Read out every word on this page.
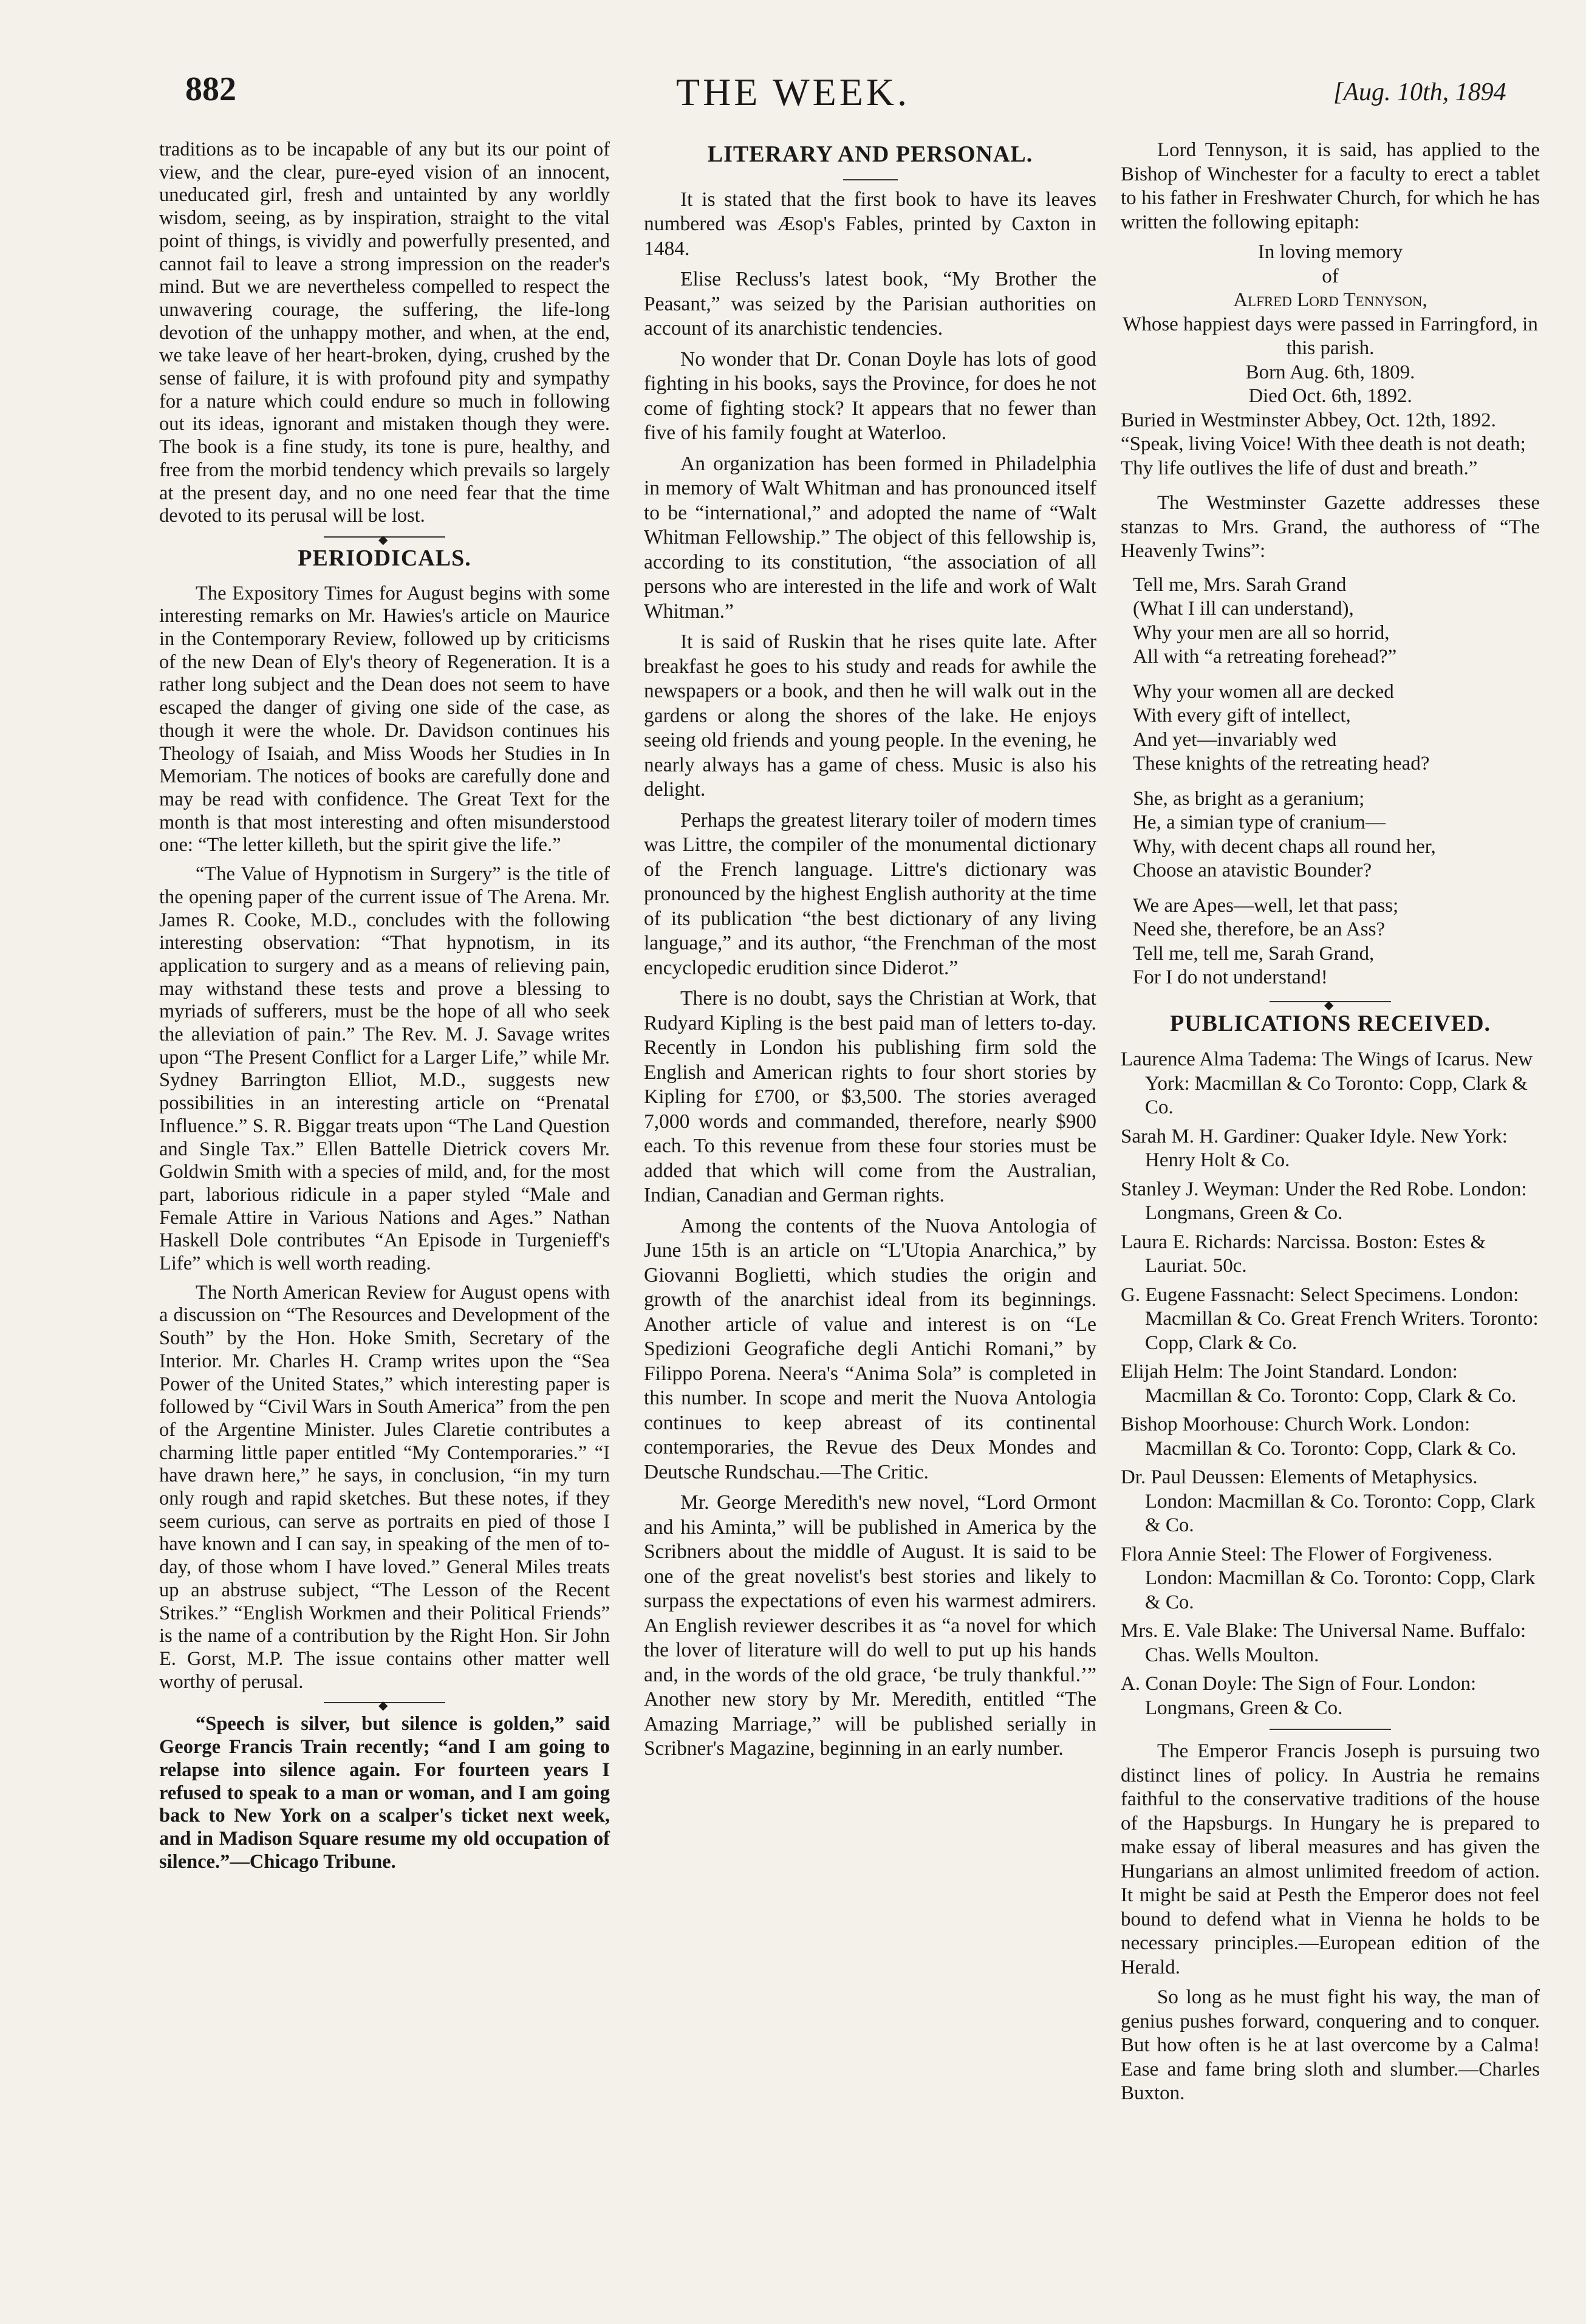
882	THE WEEK.	[Aug. 10th, 1894

traditions as to be incapable of any but its our point of view, and the clear, pure-eyed vision of an innocent, uneducated girl, fresh and untainted by any worldly wisdom, seeing, as by inspiration, straight to the vital point of things, is vividly and powerfully presented, and cannot fail to leave a strong impression on the reader's mind. But we are nevertheless compelled to respect the unwavering courage, the suffering, the life-long devotion of the unhappy mother, and when, at the end, we take leave of her heart-broken, dying, crushed by the sense of failure, it is with profound pity and sympathy for a nature which could endure so much in following out its ideas, ignorant and mistaken though they were. The book is a fine study, its tone is pure, healthy, and free from the morbid tendency which prevails so largely at the present day, and no one need fear that the time devoted to its perusal will be lost.

◆
PERIODICALS.

The Expository Times for August begins with some interesting remarks on Mr. Hawies's article on Maurice in the Contemporary Review, followed up by criticisms of the new Dean of Ely's theory of Regeneration. It is a rather long subject and the Dean does not seem to have escaped the danger of giving one side of the case, as though it were the whole. Dr. Davidson continues his Theology of Isaiah, and Miss Woods her Studies in In Memoriam. The notices of books are carefully done and may be read with confidence. The Great Text for the month is that most interesting and often misunderstood one: “The letter killeth, but the spirit give the life.”

“The Value of Hypnotism in Surgery” is the title of the opening paper of the current issue of The Arena. Mr. James R. Cooke, M.D., concludes with the following interesting observation: “That hypnotism, in its application to surgery and as a means of relieving pain, may withstand these tests and prove a blessing to myriads of sufferers, must be the hope of all who seek the alleviation of pain.” The Rev. M. J. Savage writes upon “The Present Conflict for a Larger Life,” while Mr. Sydney Barrington Elliot, M.D., suggests new possibilities in an interesting article on “Prenatal Influence.” S. R. Biggar treats upon “The Land Question and Single Tax.” Ellen Battelle Dietrick covers Mr. Goldwin Smith with a species of mild, and, for the most part, laborious ridicule in a paper styled “Male and Female Attire in Various Nations and Ages.” Nathan Haskell Dole contributes “An Episode in Turgenieff's Life” which is well worth reading.

The North American Review for August opens with a discussion on “The Resources and Development of the South” by the Hon. Hoke Smith, Secretary of the Interior. Mr. Charles H. Cramp writes upon the “Sea Power of the United States,” which interesting paper is followed by “Civil Wars in South America” from the pen of the Argentine Minister. Jules Claretie contributes a charming little paper entitled “My Contemporaries.” “I have drawn here,” he says, in conclusion, “in my turn only rough and rapid sketches. But these notes, if they seem curious, can serve as portraits en pied of those I have known and I can say, in speaking of the men of to-day, of those whom I have loved.” General Miles treats up an abstruse subject, “The Lesson of the Recent Strikes.” “English Workmen and their Political Friends” is the name of a contribution by the Right Hon. Sir John E. Gorst, M.P. The issue contains other matter well worthy of perusal.

◆

“Speech is silver, but silence is golden,” said George Francis Train recently; “and I am going to relapse into silence again. For fourteen years I refused to speak to a man or woman, and I am going back to New York on a scalper's ticket next week, and in Madison Square resume my old occupation of silence.”—Chicago Tribune.

LITERARY AND PERSONAL.

It is stated that the first book to have its leaves numbered was Æsop's Fables, printed by Caxton in 1484.

Elise Recluss's latest book, “My Brother the Peasant,” was seized by the Parisian authorities on account of its anarchistic tendencies.

No wonder that Dr. Conan Doyle has lots of good fighting in his books, says the Province, for does he not come of fighting stock? It appears that no fewer than five of his family fought at Waterloo.

An organization has been formed in Philadelphia in memory of Walt Whitman and has pronounced itself to be “international,” and adopted the name of “Walt Whitman Fellowship.” The object of this fellowship is, according to its constitution, “the association of all persons who are interested in the life and work of Walt Whitman.”

It is said of Ruskin that he rises quite late. After breakfast he goes to his study and reads for awhile the newspapers or a book, and then he will walk out in the gardens or along the shores of the lake. He enjoys seeing old friends and young people. In the evening, he nearly always has a game of chess. Music is also his delight.

Perhaps the greatest literary toiler of modern times was Littre, the compiler of the monumental dictionary of the French language. Littre's dictionary was pronounced by the highest English authority at the time of its publication “the best dictionary of any living language,” and its author, “the Frenchman of the most encyclopedic erudition since Diderot.”

There is no doubt, says the Christian at Work, that Rudyard Kipling is the best paid man of letters to-day. Recently in London his publishing firm sold the English and American rights to four short stories by Kipling for £700, or $3,500. The stories averaged 7,000 words and commanded, therefore, nearly $900 each. To this revenue from these four stories must be added that which will come from the Australian, Indian, Canadian and German rights.

Among the contents of the Nuova Antologia of June 15th is an article on “L'Utopia Anarchica,” by Giovanni Boglietti, which studies the origin and growth of the anarchist ideal from its beginnings. Another article of value and interest is on “Le Spedizioni Geografiche degli Antichi Romani,” by Filippo Porena. Neera's “Anima Sola” is completed in this number. In scope and merit the Nuova Antologia continues to keep abreast of its continental contemporaries, the Revue des Deux Mondes and Deutsche Rundschau.—The Critic.

Mr. George Meredith's new novel, “Lord Ormont and his Aminta,” will be published in America by the Scribners about the middle of August. It is said to be one of the great novelist's best stories and likely to surpass the expectations of even his warmest admirers. An English reviewer describes it as “a novel for which the lover of literature will do well to put up his hands and, in the words of the old grace, ‘be truly thankful.’” Another new story by Mr. Meredith, entitled “The Amazing Marriage,” will be published serially in Scribner's Magazine, beginning in an early number.

Lord Tennyson, it is said, has applied to the Bishop of Winchester for a faculty to erect a tablet to his father in Freshwater Church, for which he has written the following epitaph:

In loving memory
of
Alfred Lord Tennyson,
Whose happiest days were passed in Farringford, in this parish.
Born Aug. 6th, 1809.
Died Oct. 6th, 1892.
Buried in Westminster Abbey, Oct. 12th, 1892.
“Speak, living Voice! With thee death is not death;
Thy life outlives the life of dust and breath.”

The Westminster Gazette addresses these stanzas to Mrs. Grand, the authoress of “The Heavenly Twins”:

Tell me, Mrs. Sarah Grand
(What I ill can understand),
Why your men are all so horrid,
All with “a retreating forehead?”
Why your women all are decked
With every gift of intellect,
And yet—invariably wed
These knights of the retreating head?
She, as bright as a geranium;
He, a simian type of cranium—
Why, with decent chaps all round her,
Choose an atavistic Bounder?
We are Apes—well, let that pass;
Need she, therefore, be an Ass?
Tell me, tell me, Sarah Grand,
For I do not understand!
◆
PUBLICATIONS RECEIVED.
Laurence Alma Tadema: The Wings of Icarus. New York: Macmillan & Co Toronto: Copp, Clark & Co.
Sarah M. H. Gardiner: Quaker Idyle. New York: Henry Holt & Co.
Stanley J. Weyman: Under the Red Robe. London: Longmans, Green & Co.
Laura E. Richards: Narcissa. Boston: Estes & Lauriat. 50c.
G. Eugene Fassnacht: Select Specimens. London: Macmillan & Co. Great French Writers. Toronto: Copp, Clark & Co.
Elijah Helm: The Joint Standard. London: Macmillan & Co. Toronto: Copp, Clark & Co.
Bishop Moorhouse: Church Work. London: Macmillan & Co. Toronto: Copp, Clark & Co.
Dr. Paul Deussen: Elements of Metaphysics. London: Macmillan & Co. Toronto: Copp, Clark & Co.
Flora Annie Steel: The Flower of Forgiveness. London: Macmillan & Co. Toronto: Copp, Clark & Co.
Mrs. E. Vale Blake: The Universal Name. Buffalo: Chas. Wells Moulton.
A. Conan Doyle: The Sign of Four. London: Longmans, Green & Co.

The Emperor Francis Joseph is pursuing two distinct lines of policy. In Austria he remains faithful to the conservative traditions of the house of the Hapsburgs. In Hungary he is prepared to make essay of liberal measures and has given the Hungarians an almost unlimited freedom of action. It might be said at Pesth the Emperor does not feel bound to defend what in Vienna he holds to be necessary principles.—European edition of the Herald.

So long as he must fight his way, the man of genius pushes forward, conquering and to conquer. But how often is he at last overcome by a Calma! Ease and fame bring sloth and slumber.—Charles Buxton.
